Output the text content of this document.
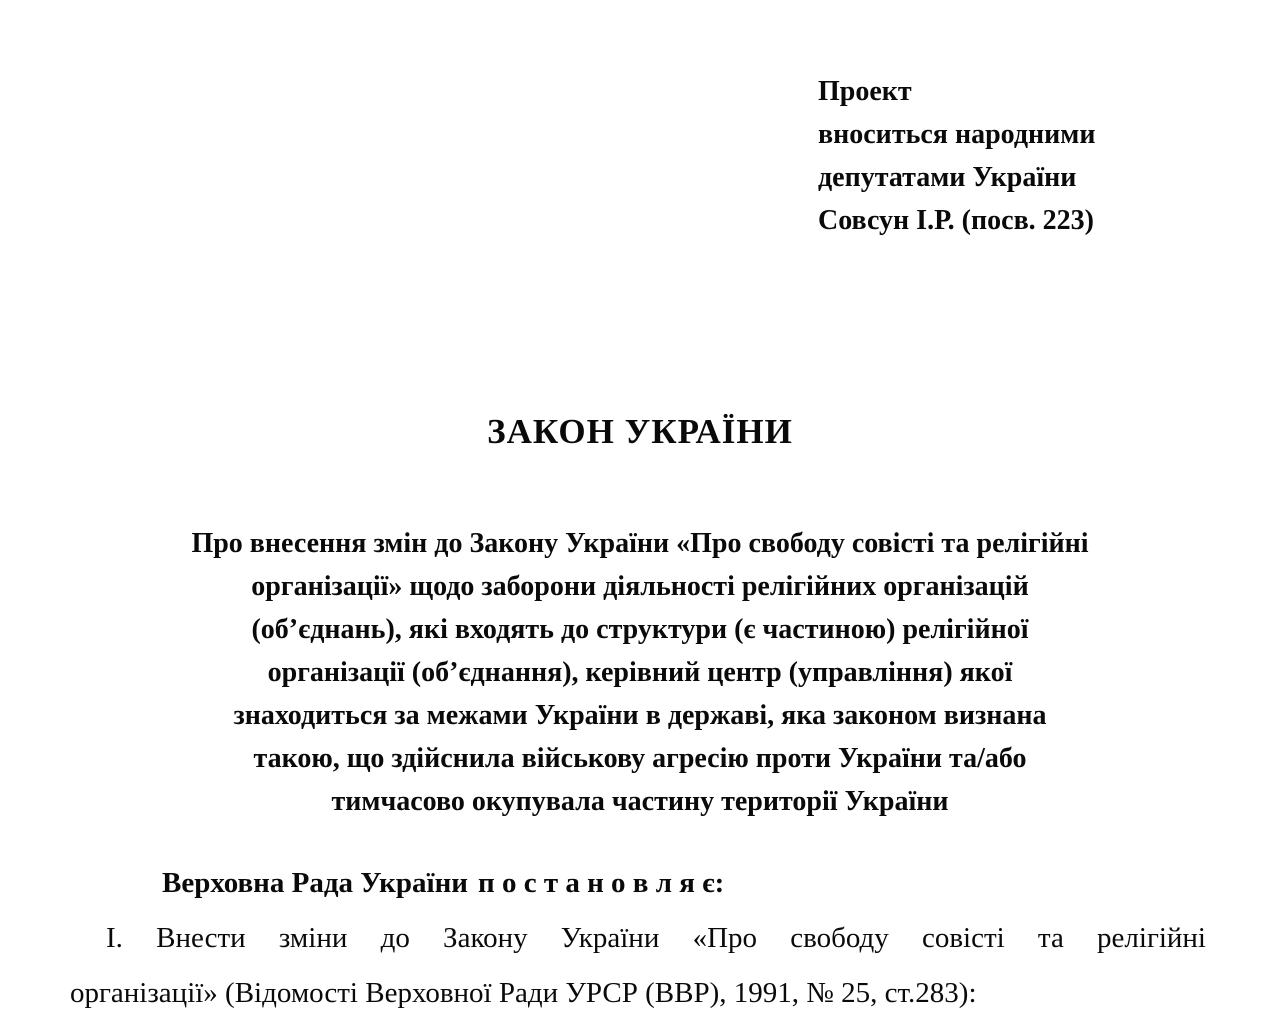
Проект
вноситься народними
депутатами України
Совсун І.Р. (посв. 223)
ЗАКОН УКРАЇНИ
Про внесення змін до Закону України «Про свободу совісті та релігійні
організації» щодо заборони діяльності релігійних організацій
(об’єднань), які входять до структури (є частиною) релігійної
організації (об’єднання), керівний центр (управління) якої
знаходиться за межами України в державі, яка законом визнана
такою, що здійснила військову агресію проти України та/або
тимчасово окупувала частину території України
Верховна Рада України п о с т а н о в л я є:
І. Внести зміни до Закону України «Про свободу совісті та релігійні
організації» (Відомості Верховної Ради УРСР (ВВР), 1991, № 25, ст.283):
